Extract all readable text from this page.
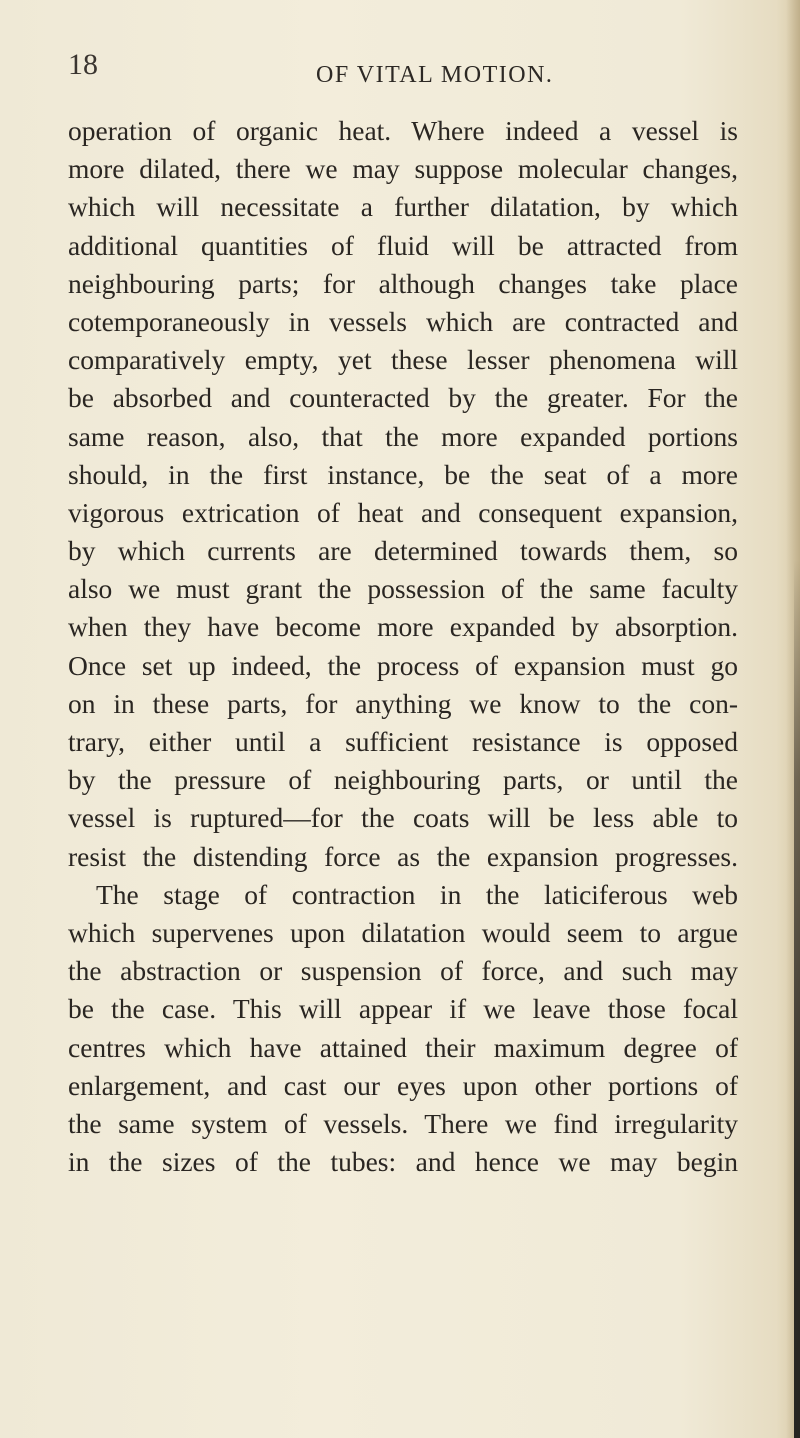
18	OF VITAL MOTION.
operation of organic heat. Where indeed a vessel is
more dilated, there we may suppose molecular changes,
which will necessitate a further dilatation, by which
additional quantities of fluid will be attracted from
neighbouring parts; for although changes take place
cotemporaneously in vessels which are contracted and
comparatively empty, yet these lesser phenomena will
be absorbed and counteracted by the greater. For the
same reason, also, that the more expanded portions
should, in the first instance, be the seat of a more
vigorous extrication of heat and consequent expansion,
by which currents are determined towards them, so
also we must grant the possession of the same faculty
when they have become more expanded by absorption.
Once set up indeed, the process of expansion must go
on in these parts, for anything we know to the con-
trary, either until a sufficient resistance is opposed
by the pressure of neighbouring parts, or until the
vessel is ruptured—for the coats will be less able to
resist the distending force as the expansion progresses.
The stage of contraction in the laticiferous web
which supervenes upon dilatation would seem to argue
the abstraction or suspension of force, and such may
be the case. This will appear if we leave those focal
centres which have attained their maximum degree of
enlargement, and cast our eyes upon other portions of
the same system of vessels. There we find irregularity
in the sizes of the tubes: and hence we may begin
